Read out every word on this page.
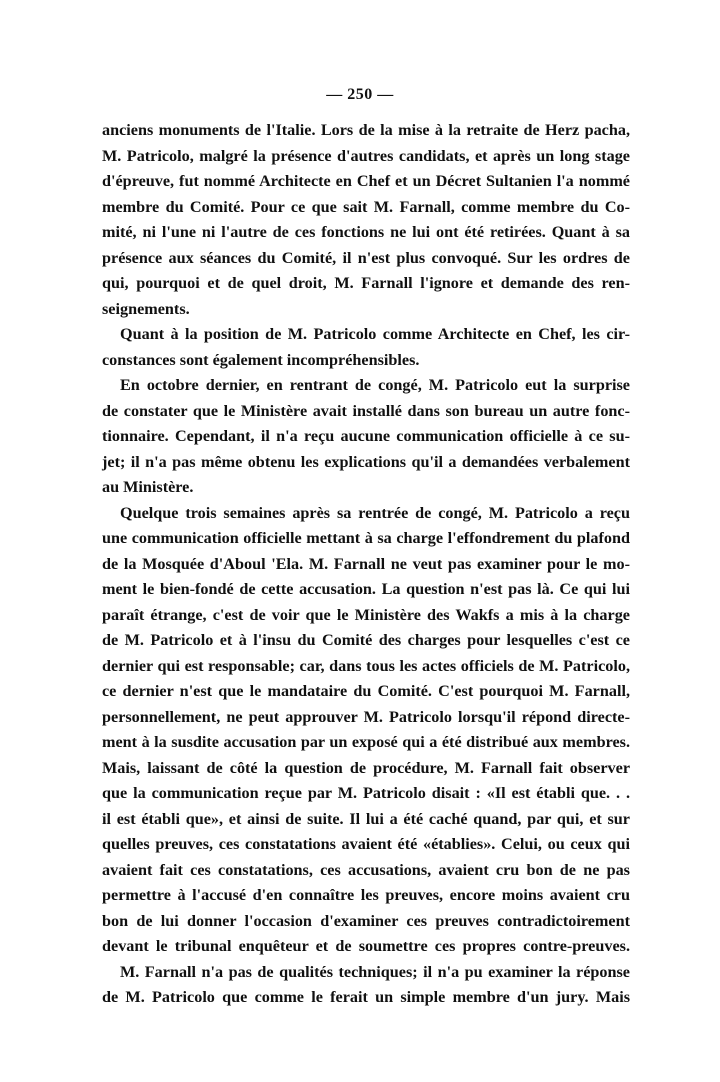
— 250 —
anciens monuments de l'Italie. Lors de la mise à la retraite de Herz pacha,
M. Patricolo, malgré la présence d'autres candidats, et après un long stage
d'épreuve, fut nommé Architecte en Chef et un Décret Sultanien l'a nommé
membre du Comité. Pour ce que sait M. Farnall, comme membre du Co-
mité, ni l'une ni l'autre de ces fonctions ne lui ont été retirées. Quant à sa
présence aux séances du Comité, il n'est plus convoqué. Sur les ordres de
qui, pourquoi et de quel droit, M. Farnall l'ignore et demande des ren-
seignements.
Quant à la position de M. Patricolo comme Architecte en Chef, les cir-
constances sont également incompréhensibles.
En octobre dernier, en rentrant de congé, M. Patricolo eut la surprise
de constater que le Ministère avait installé dans son bureau un autre fonc-
tionnaire. Cependant, il n'a reçu aucune communication officielle à ce su-
jet; il n'a pas même obtenu les explications qu'il a demandées verbalement
au Ministère.
Quelque trois semaines après sa rentrée de congé, M. Patricolo a reçu
une communication officielle mettant à sa charge l'effondrement du plafond
de la Mosquée d'Aboul 'Ela. M. Farnall ne veut pas examiner pour le mo-
ment le bien-fondé de cette accusation. La question n'est pas là. Ce qui lui
paraît étrange, c'est de voir que le Ministère des Wakfs a mis à la charge
de M. Patricolo et à l'insu du Comité des charges pour lesquelles c'est ce
dernier qui est responsable; car, dans tous les actes officiels de M. Patricolo,
ce dernier n'est que le mandataire du Comité. C'est pourquoi M. Farnall,
personnellement, ne peut approuver M. Patricolo lorsqu'il répond directe-
ment à la susdite accusation par un exposé qui a été distribué aux membres.
Mais, laissant de côté la question de procédure, M. Farnall fait observer
que la communication reçue par M. Patricolo disait : «Il est établi que. . .
il est établi que», et ainsi de suite. Il lui a été caché quand, par qui, et sur
quelles preuves, ces constatations avaient été «établies». Celui, ou ceux qui
avaient fait ces constatations, ces accusations, avaient cru bon de ne pas
permettre à l'accusé d'en connaître les preuves, encore moins avaient cru
bon de lui donner l'occasion d'examiner ces preuves contradictoirement
devant le tribunal enquêteur et de soumettre ces propres contre-preuves.
M. Farnall n'a pas de qualités techniques; il n'a pu examiner la réponse
de M. Patricolo que comme le ferait un simple membre d'un jury. Mais
